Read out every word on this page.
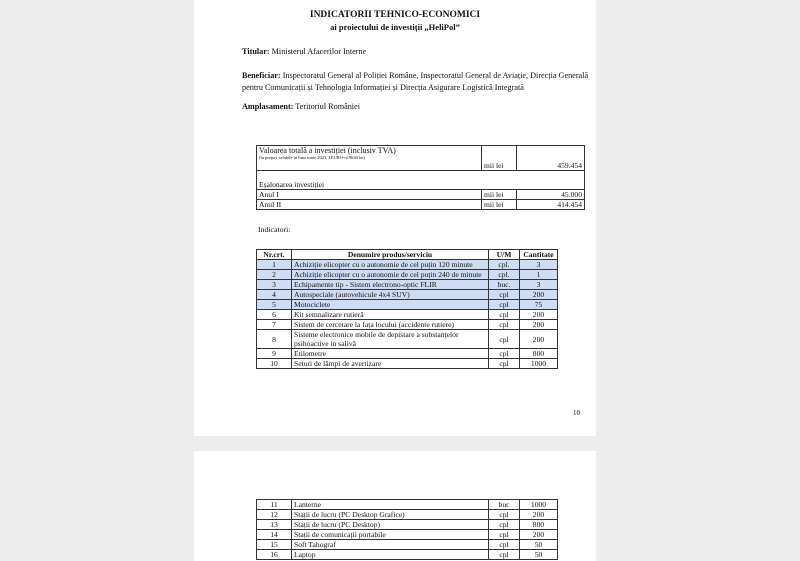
INDICATORII TEHNICO-ECONOMICI
ai proiectului de investiții „HeliPol”
Titular: Ministerul Afacerilor Interne
Beneficiar: Inspectoratul General al Poliției Române, Inspectoratul General de Aviație, Direcția Generală pentru Comunicații și Tehnologia Informației și Direcția Asigurare Logistică Integrată
Amplasament: Teritoriul României
Valoarea totală a investiției (inclusiv TVA)
(în prețuri valabile în luna iunie 2023, 1EURO=4.9630 lei)	mii lei	459.454
Eșalonarea investiției		
Anul I	mii lei	45.000
Anul II	mii lei	414.454
Indicatori:
Nr.crt.	Denumire produs/serviciu	U/M	Cantitate
1	Achiziție elicopter cu o autonomie de cel puțin 120 minute	cpl.	3
2	Achiziție elicopter cu o autonomie de cel puțin 240 de minute	cpl.	1
3	Echipamente tip - Sistem electrono-optic FLIR	buc.	3
4	Autospeciale (autovehicule 4x4 SUV)	cpl	200
5	Motociclete	cpl	75
6	Kit semnalizare rutieră	cpl	200
7	Sistem de cercetare la fața locului (accidente rutiere)	cpl	200
8	Sisteme electronice mobile de depistare a substanțelor psihoactive in salivă	cpl	200
9	Etilometre	cpl	800
10	Seturi de lămpi de avertizare	cpl	1000
10
11	Lanterne	buc	1000
12	Stații de lucru (PC Desktop Grafice)	cpl	200
13	Stații de lucru (PC Desktop)	cpl	800
14	Stații de comunicații portabile	cpl	200
15	Soft Tahograf	cpl	50
16	Laptop	cpl	50
